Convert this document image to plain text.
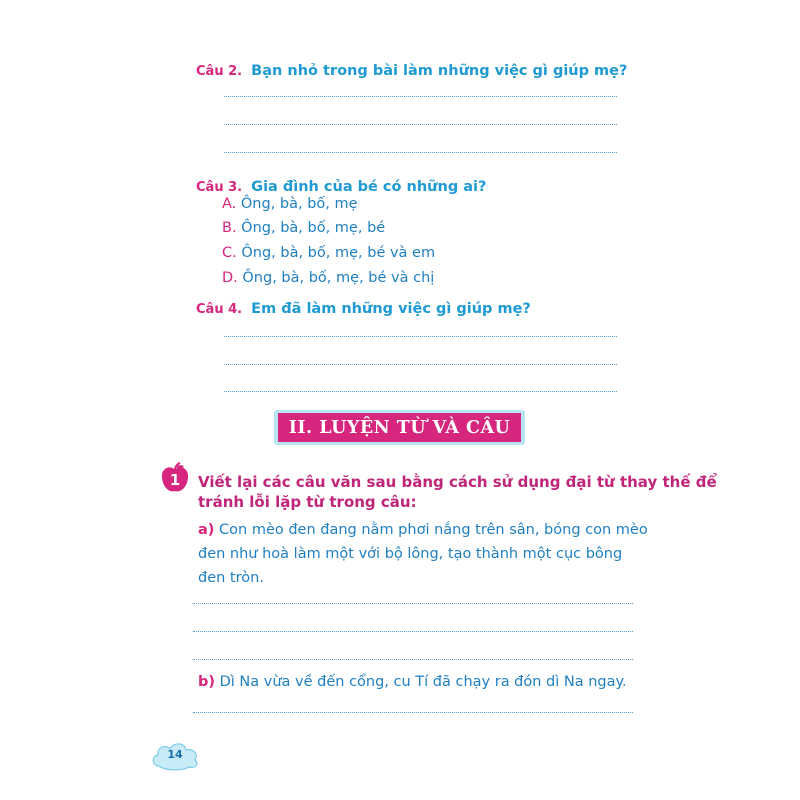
Câu 2. Bạn nhỏ trong bài làm những việc gì giúp mẹ?
Câu 3. Gia đình của bé có những ai?
A. Ông, bà, bố, mẹ
B. Ông, bà, bố, mẹ, bé
C. Ông, bà, bố, mẹ, bé và em
D. Ông, bà, bố, mẹ, bé và chị
Câu 4. Em đã làm những việc gì giúp mẹ?
II. LUYỆN TỪ VÀ CÂU
1	Viết lại các câu văn sau bằng cách sử dụng đại từ thay thế để
tránh lỗi lặp từ trong câu:
a) Con mèo đen đang nằm phơi nắng trên sân, bóng con mèo
đen như hoà làm một với bộ lông, tạo thành một cục bông
đen tròn.
b) Dì Na vừa về đến cổng, cu Tí đã chạy ra đón dì Na ngay.
14
